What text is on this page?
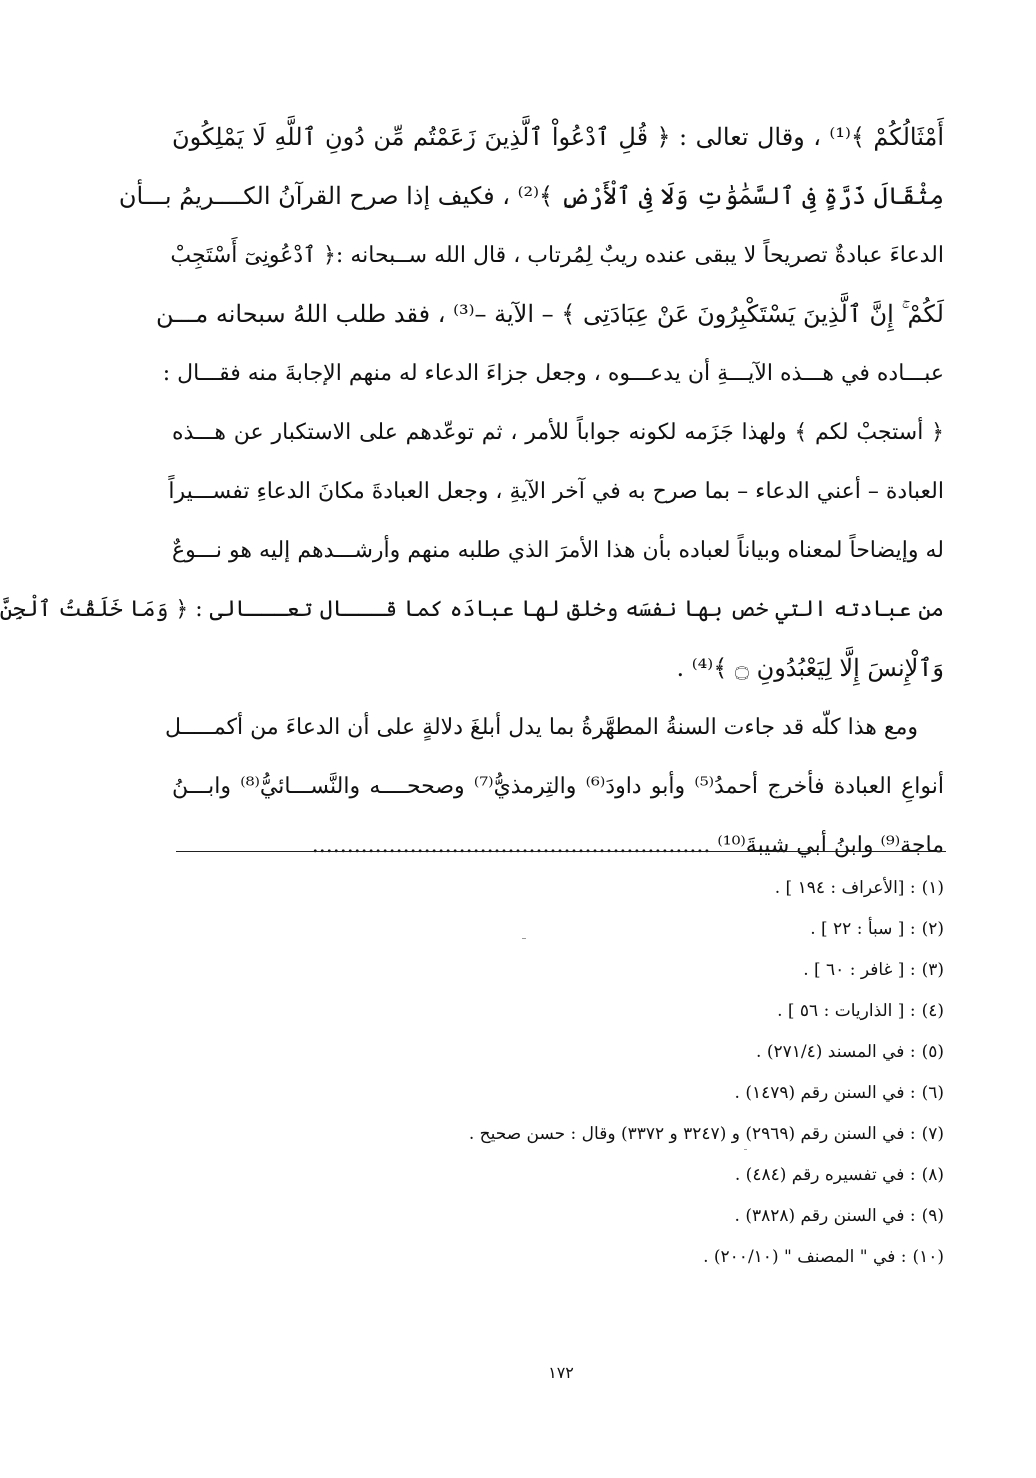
أَمْثَالُكُمْ ﴾⁽¹⁾ ، وقال تعالى : ﴿ قُلِ ٱدْعُواْ ٱلَّذِينَ زَعَمْتُم مِّن دُونِ ٱللَّهِ لَا يَمْلِكُونَ
مِثْقَالَ ذَرَّةٍ فِى ٱلسَّمَٰوَٰتِ وَلَا فِى ٱلْأَرْضِ ﴾⁽²⁾ ، فكيف إذا صرح القرآنُ الكــــريمُ بـــأن
الدعاءَ عبادةٌ تصريحاً لا يبقى عنده ريبٌ لِمُرتاب ، قال الله ســبحانه :﴿ ٱدْعُونِىٓ أَسْتَجِبْ
لَكُمْ ۚ إِنَّ ٱلَّذِينَ يَسْتَكْبِرُونَ عَنْ عِبَادَتِى ﴾ – الآية –⁽³⁾ ، فقد طلب اللهُ سبحانه مـــن
عبـــاده في هـــذه الآيـــةِ أن يدعـــوه ، وجعل جزاءَ الدعاء له منهم الإجابةَ منه فقـــال :
﴿ أستجبْ لكم ﴾ ولهذا جَزَمه لكونه جواباً للأمر ، ثم توعّدهم على الاستكبار عن هـــذه
العبادة – أعني الدعاء – بما صرح به في آخر الآيةِ ، وجعل العبادةَ مكانَ الدعاءِ تفســـيراً
له وإيضاحاً لمعناه وبياناً لعباده بأن هذا الأمرَ الذي طلبه منهم وأرشـــدهم إليه هو نـــوعٌ
من عبادته التي خص بها نفسَه وخلق لها عبادَه كما قـــال تعـــالى : ﴿ وَمَا خَلَقْتُ ٱلْجِنَّ
وَٱلْإِنسَ إِلَّا لِيَعْبُدُونِ ۝ ﴾⁽⁴⁾ .
ومع هذا كلّه قد جاءت السنةُ المطهَّرةُ بما يدل أبلغَ دلالةٍ على أن الدعاءَ من أكمـــــل
أنواعِ العبادة فأخرج أحمدُ⁽⁵⁾ وأبو داودَ⁽⁶⁾ والتِرمذيُّ⁽⁷⁾ وصححــــه والنَّســـائيُّ⁽⁸⁾ وابـــنُ
ماجة⁽⁹⁾ وابنُ أبي شيبةَ⁽¹⁰⁾ .........................................................
(١): [الأعراف : ١٩٤ ] .
(٢): [ سبأ : ٢٢ ] .
(٣): [ غافر : ٦٠ ] .
(٤): [ الذاريات : ٥٦ ] .
(٥): في المسند (٢٧١/٤) .
(٦): في السنن رقم (١٤٧٩) .
(٧): في السنن رقم (٢٩٦٩) و (٣٢٤٧ و ٣٣٧٢) وقال : حسن صحيح .
(٨): في تفسيره رقم (٤٨٤) .
(٩): في السنن رقم (٣٨٢٨) .
(١٠): في " المصنف " (٢٠٠/١٠) .
١٧٢
